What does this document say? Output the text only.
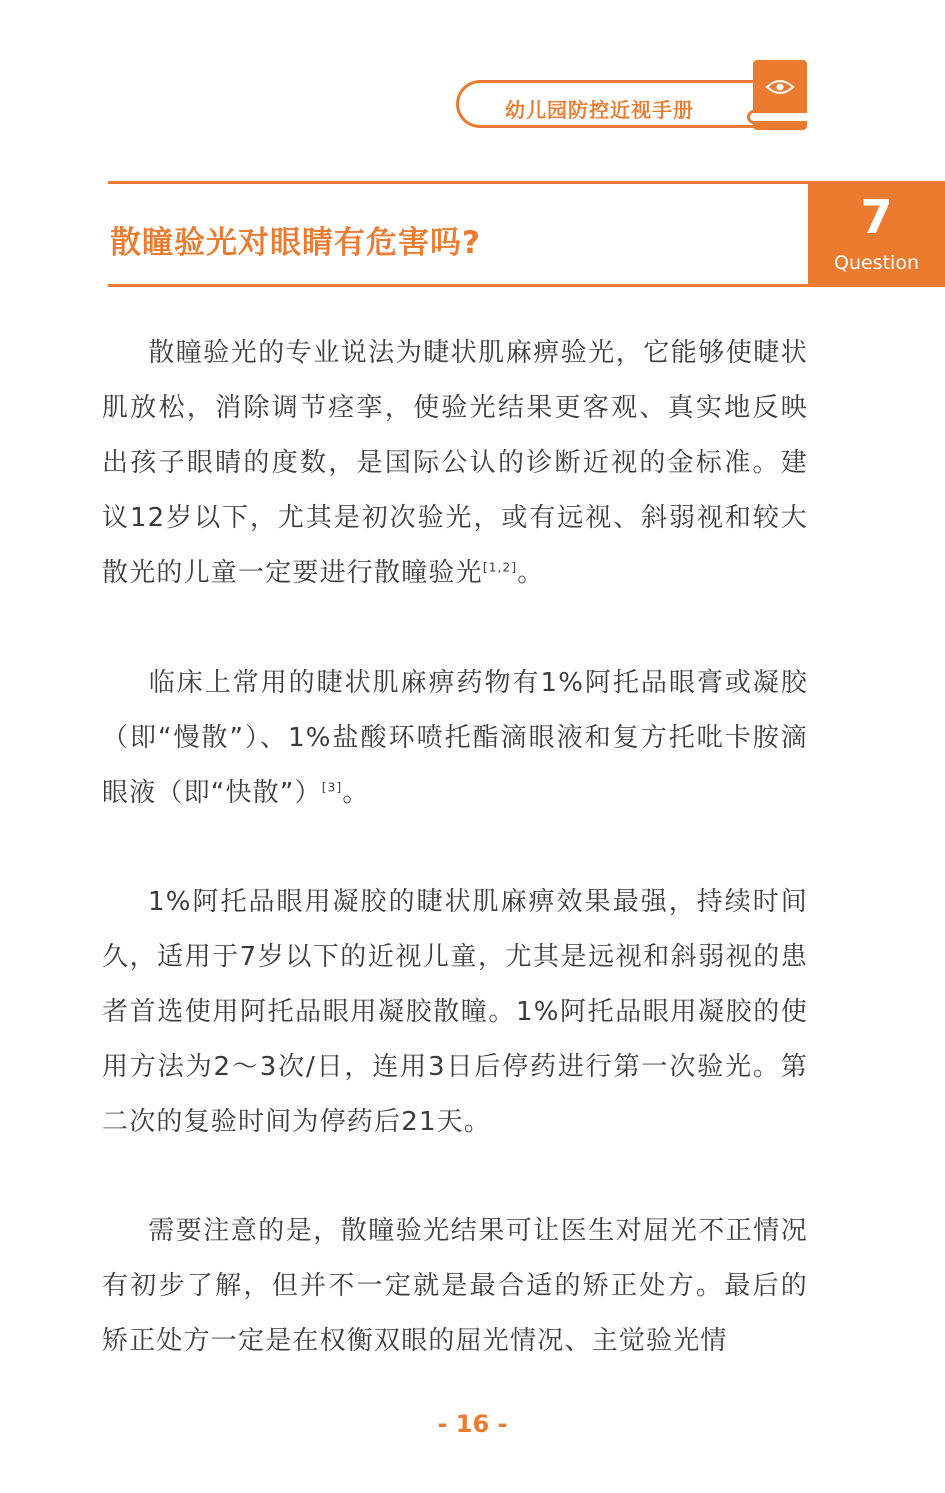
幼儿园防控近视手册
散瞳验光对眼睛有危害吗?	7
Question

散瞳验光的专业说法为睫状肌麻痹验光，它能够使睫状肌放松，消除调节痉挛，使验光结果更客观、真实地反映出孩子眼睛的度数，是国际公认的诊断近视的金标准。建议12岁以下，尤其是初次验光，或有远视、斜弱视和较大散光的儿童一定要进行散瞳验光[1,2]。

临床上常用的睫状肌麻痹药物有1%阿托品眼膏或凝胶（即“慢散”）、1%盐酸环喷托酯滴眼液和复方托吡卡胺滴眼液（即“快散”）[3]。

1%阿托品眼用凝胶的睫状肌麻痹效果最强，持续时间久，适用于7岁以下的近视儿童，尤其是远视和斜弱视的患者首选使用阿托品眼用凝胶散瞳。1%阿托品眼用凝胶的使用方法为2～3次/日，连用3日后停药进行第一次验光。第二次的复验时间为停药后21天。

需要注意的是，散瞳验光结果可让医生对屈光不正情况有初步了解，但并不一定就是最合适的矫正处方。最后的矫正处方一定是在权衡双眼的屈光情况、主觉验光情

- 16 -
